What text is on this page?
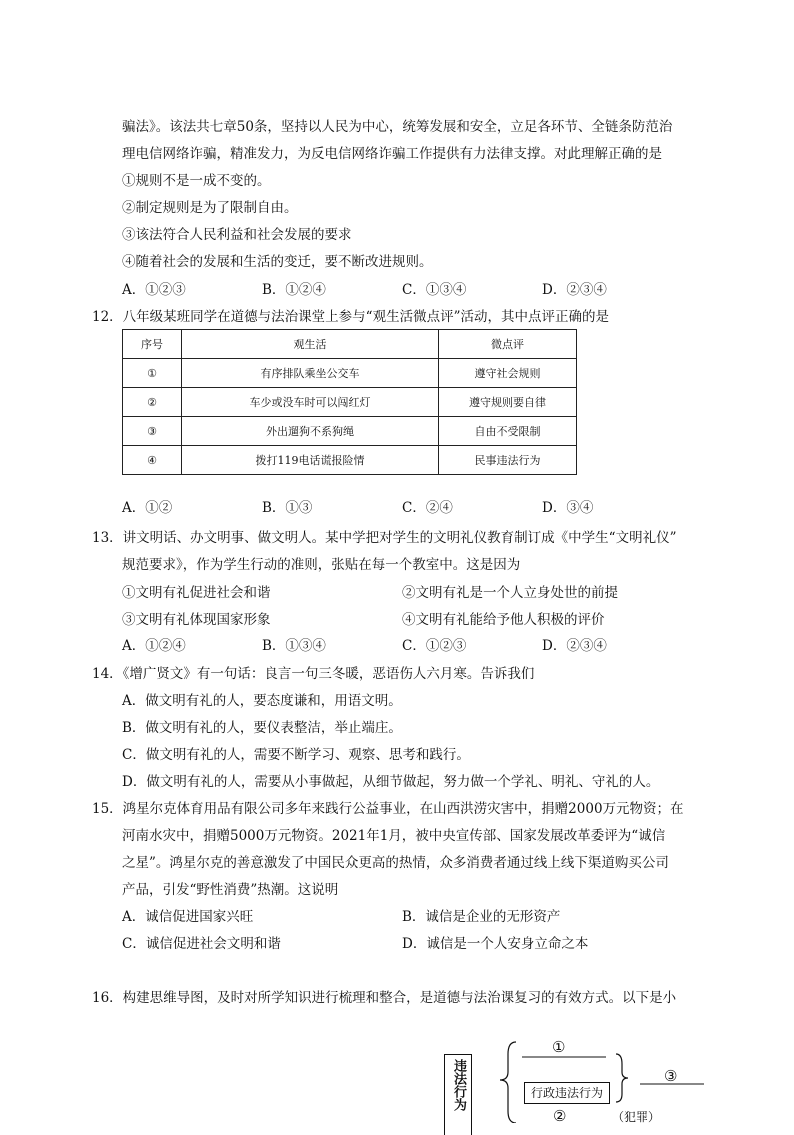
骗法》。该法共七章50条，坚持以人民为中心，统筹发展和安全，立足各环节、全链条防范治
理电信网络诈骗，精准发力，为反电信网络诈骗工作提供有力法律支撑。对此理解正确的是
①规则不是一成不变的。
②制定规则是为了限制自由。
③该法符合人民利益和社会发展的要求
④随着社会的发展和生活的变迁，要不断改进规则。
A．①②③	B．①②④	C．①③④	D．②③④
12．八年级某班同学在道德与法治课堂上参与“观生活微点评”活动，其中点评正确的是
A．①②	B．①③	C．②④	D．③④
13．讲文明话、办文明事、做文明人。某中学把对学生的文明礼仪教育制订成《中学生“文明礼仪”
规范要求》，作为学生行动的准则，张贴在每一个教室中。这是因为
①文明有礼促进社会和谐	②文明有礼是一个人立身处世的前提
③文明有礼体现国家形象	④文明有礼能给予他人积极的评价
A．①②④	B．①③④	C．①②③	D．②③④
14．《增广贤文》有一句话：良言一句三冬暖，恶语伤人六月寒。告诉我们
A．做文明有礼的人，要态度谦和，用语文明。
B．做文明有礼的人，要仪表整洁，举止端庄。
C．做文明有礼的人，需要不断学习、观察、思考和践行。
D．做文明有礼的人，需要从小事做起，从细节做起，努力做一个学礼、明礼、守礼的人。
15．鸿星尔克体育用品有限公司多年来践行公益事业，在山西洪涝灾害中，捐赠2000万元物资；在
河南水灾中，捐赠5000万元物资。2021年1月，被中央宣传部、国家发展改革委评为“诚信
之星”。鸿星尔克的善意激发了中国民众更高的热情，众多消费者通过线上线下渠道购买公司
产品，引发“野性消费”热潮。这说明
A．诚信促进国家兴旺	B．诚信是企业的无形资产
C．诚信促进社会文明和谐	D．诚信是一个人安身立命之本
16．构建思维导图，及时对所学知识进行梳理和整合，是道德与法治课复习的有效方式。以下是小
序号	观生活	微点评
①	有序排队乘坐公交车	遵守社会规则
②	车少或没车时可以闯红灯	遵守规则要自律
③	外出遛狗不系狗绳	自由不受限制
④	拨打119电话谎报险情	民事违法行为
违法行为
①
行政违法行为
②
③
（犯罪）
